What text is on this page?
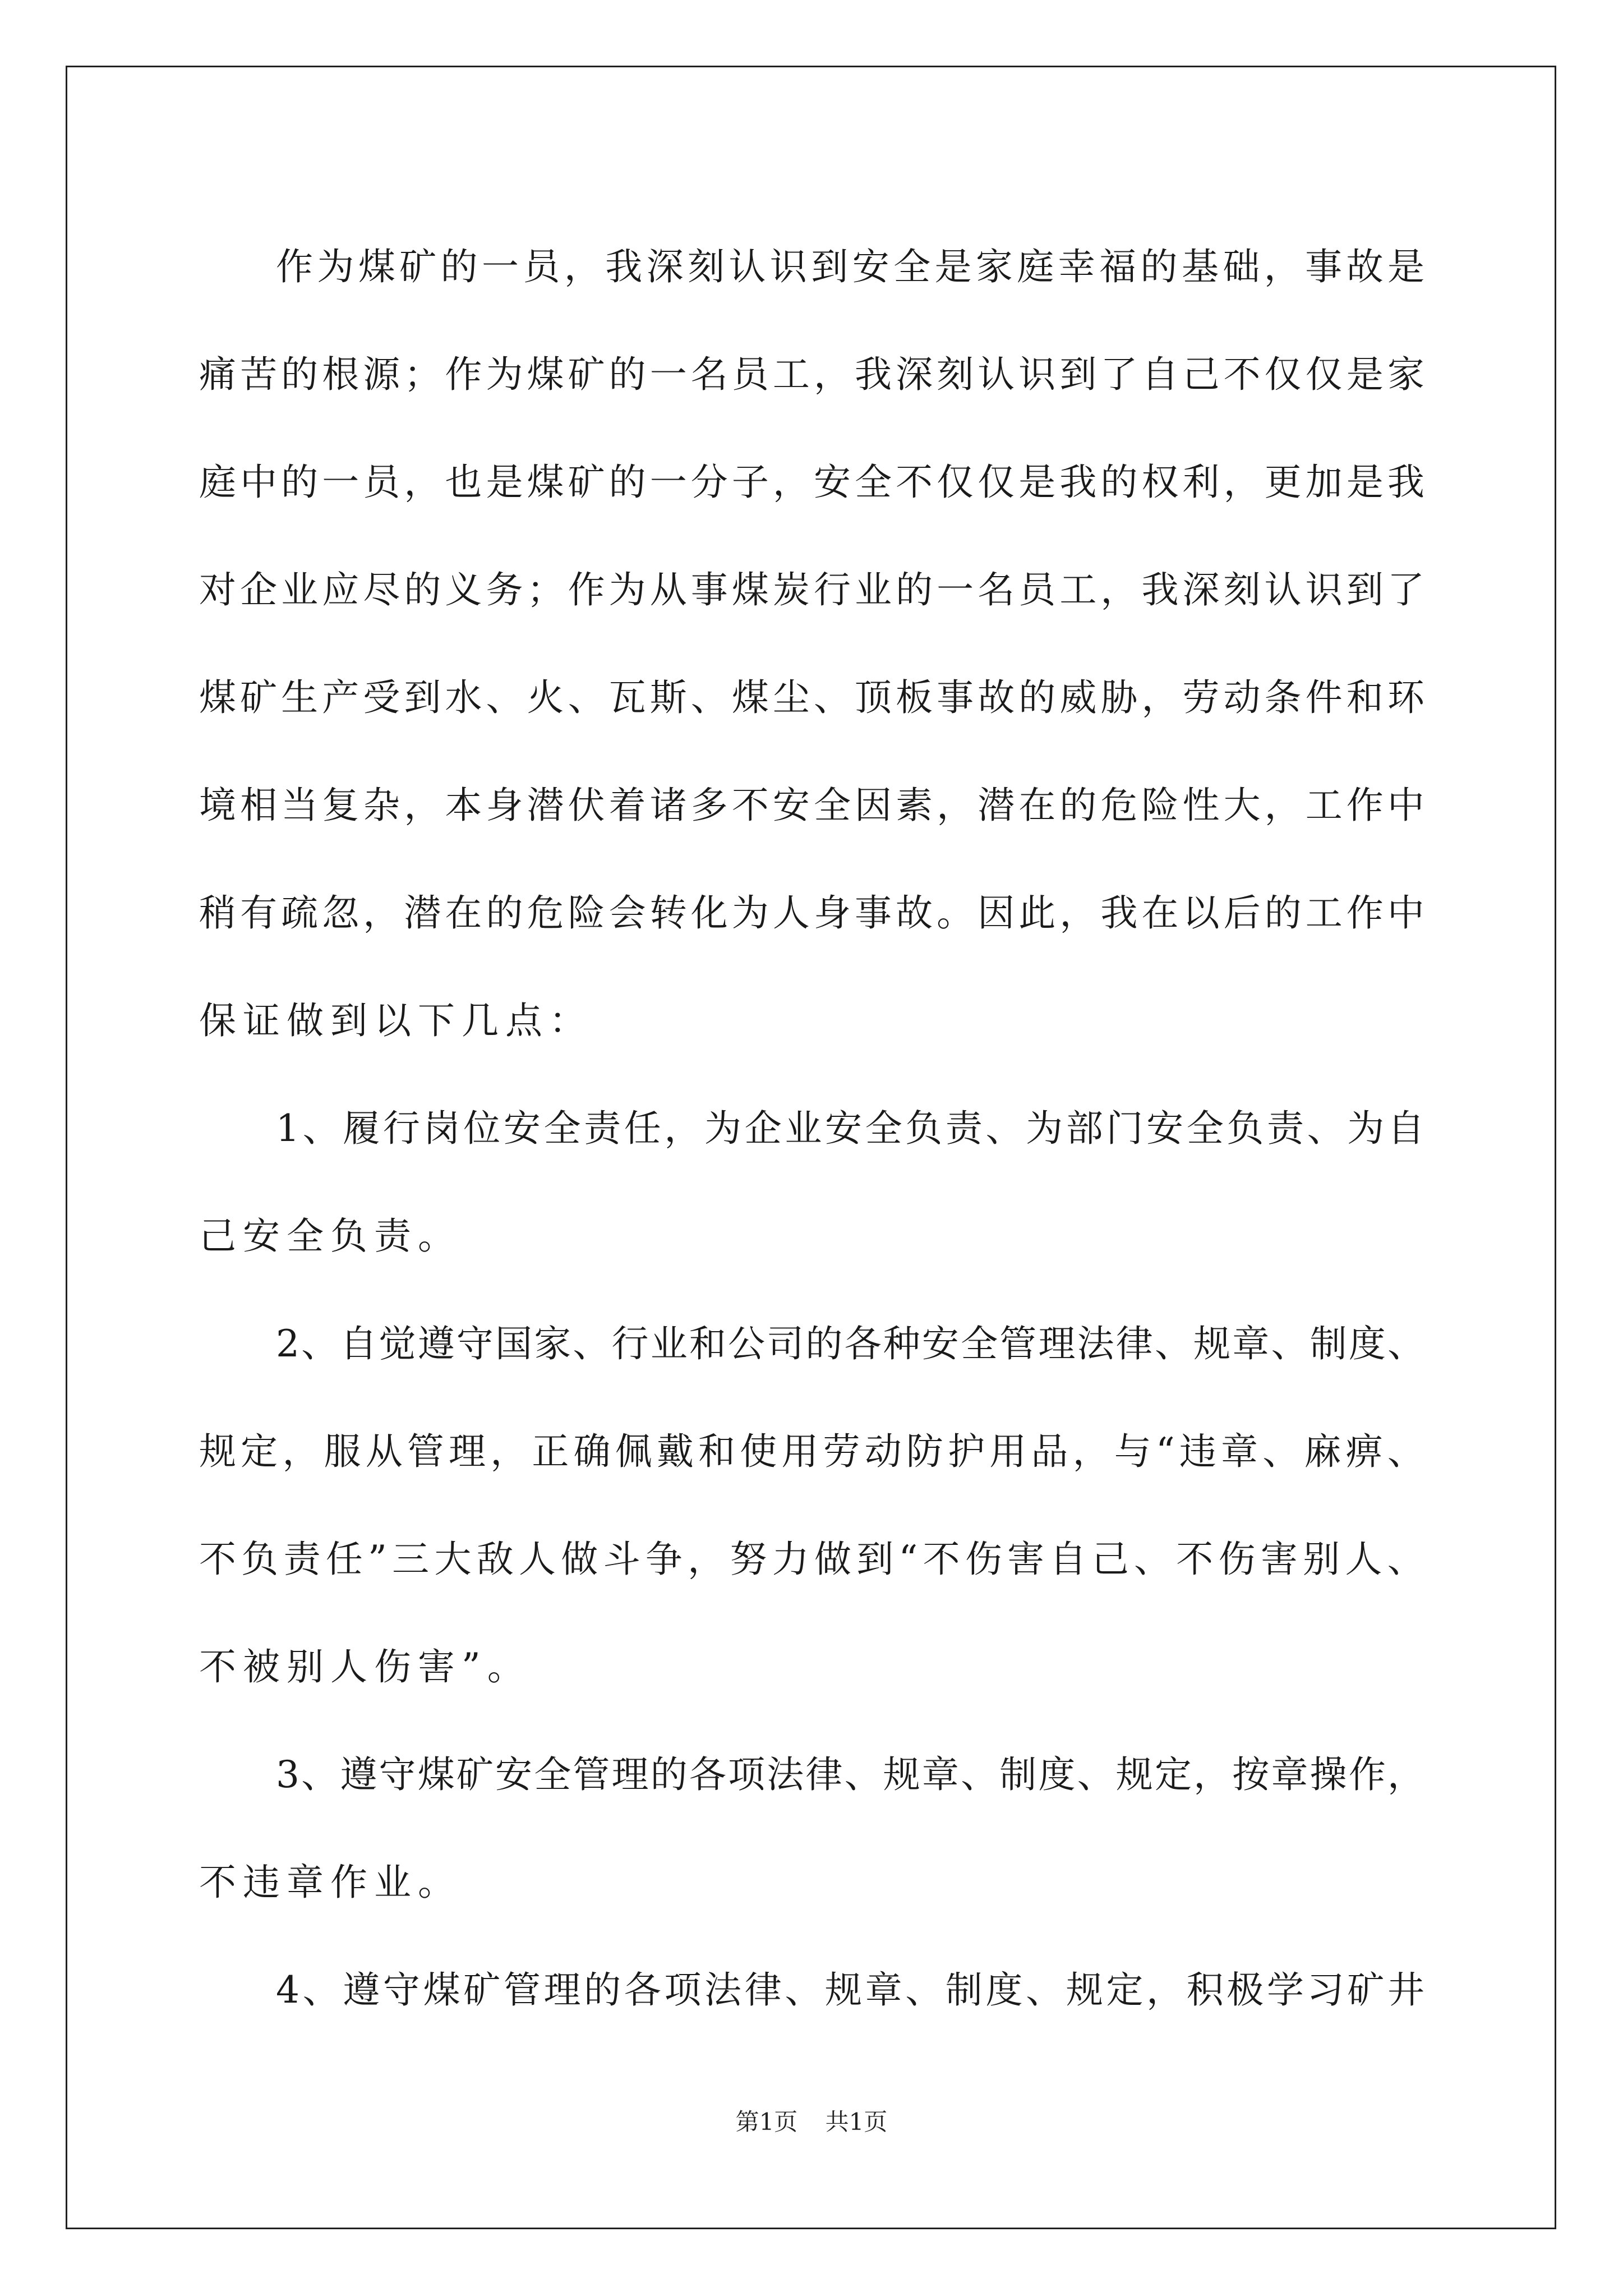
作 为 煤 矿 的 一 员 ， 我 深 刻 认 识 到 安 全 是 家 庭 幸 福 的 基 础 ， 事 故 是
痛 苦 的 根 源 ； 作 为 煤 矿 的 一 名 员 工 ， 我 深 刻 认 识 到 了 自 己 不 仅 仅 是 家
庭 中 的 一 员 ， 也 是 煤 矿 的 一 分 子 ， 安 全 不 仅 仅 是 我 的 权 利 ， 更 加 是 我
对 企 业 应 尽 的 义 务 ； 作 为 从 事 煤 炭 行 业 的 一 名 员 工 ， 我 深 刻 认 识 到 了
煤 矿 生 产 受 到 水 、 火 、 瓦 斯 、 煤 尘 、 顶 板 事 故 的 威 胁 ， 劳 动 条 件 和 环
境 相 当 复 杂 ， 本 身 潜 伏 着 诸 多 不 安 全 因 素 ， 潜 在 的 危 险 性 大 ， 工 作 中
稍 有 疏 忽 ， 潜 在 的 危 险 会 转 化 为 人 身 事 故 。 因 此 ， 我 在 以 后 的 工 作 中
保证做到以下几点：
1 、 履 行 岗 位 安 全 责 任 ， 为 企 业 安 全 负 责 、 为 部 门 安 全 负 责 、 为 自
己安全负责。
2 、 自 觉 遵 守 国 家 、 行 业 和 公 司 的 各 种 安 全 管 理 法 律 、 规 章 、 制 度 、
规 定 ， 服 从 管 理 ， 正 确 佩 戴 和 使 用 劳 动 防 护 用 品 ， 与 “ 违 章 、 麻 痹 、
不 负 责 任 ” 三 大 敌 人 做 斗 争 ， 努 力 做 到 “ 不 伤 害 自 己 、 不 伤 害 别 人 、
不被别人伤害”。
3 、 遵 守 煤 矿 安 全 管 理 的 各 项 法 律 、 规 章 、 制 度 、 规 定 ， 按 章 操 作 ，
不违章作业。
4 、 遵 守 煤 矿 管 理 的 各 项 法 律 、 规 章 、 制 度 、 规 定 ， 积 极 学 习 矿 井
第1页 共1页
